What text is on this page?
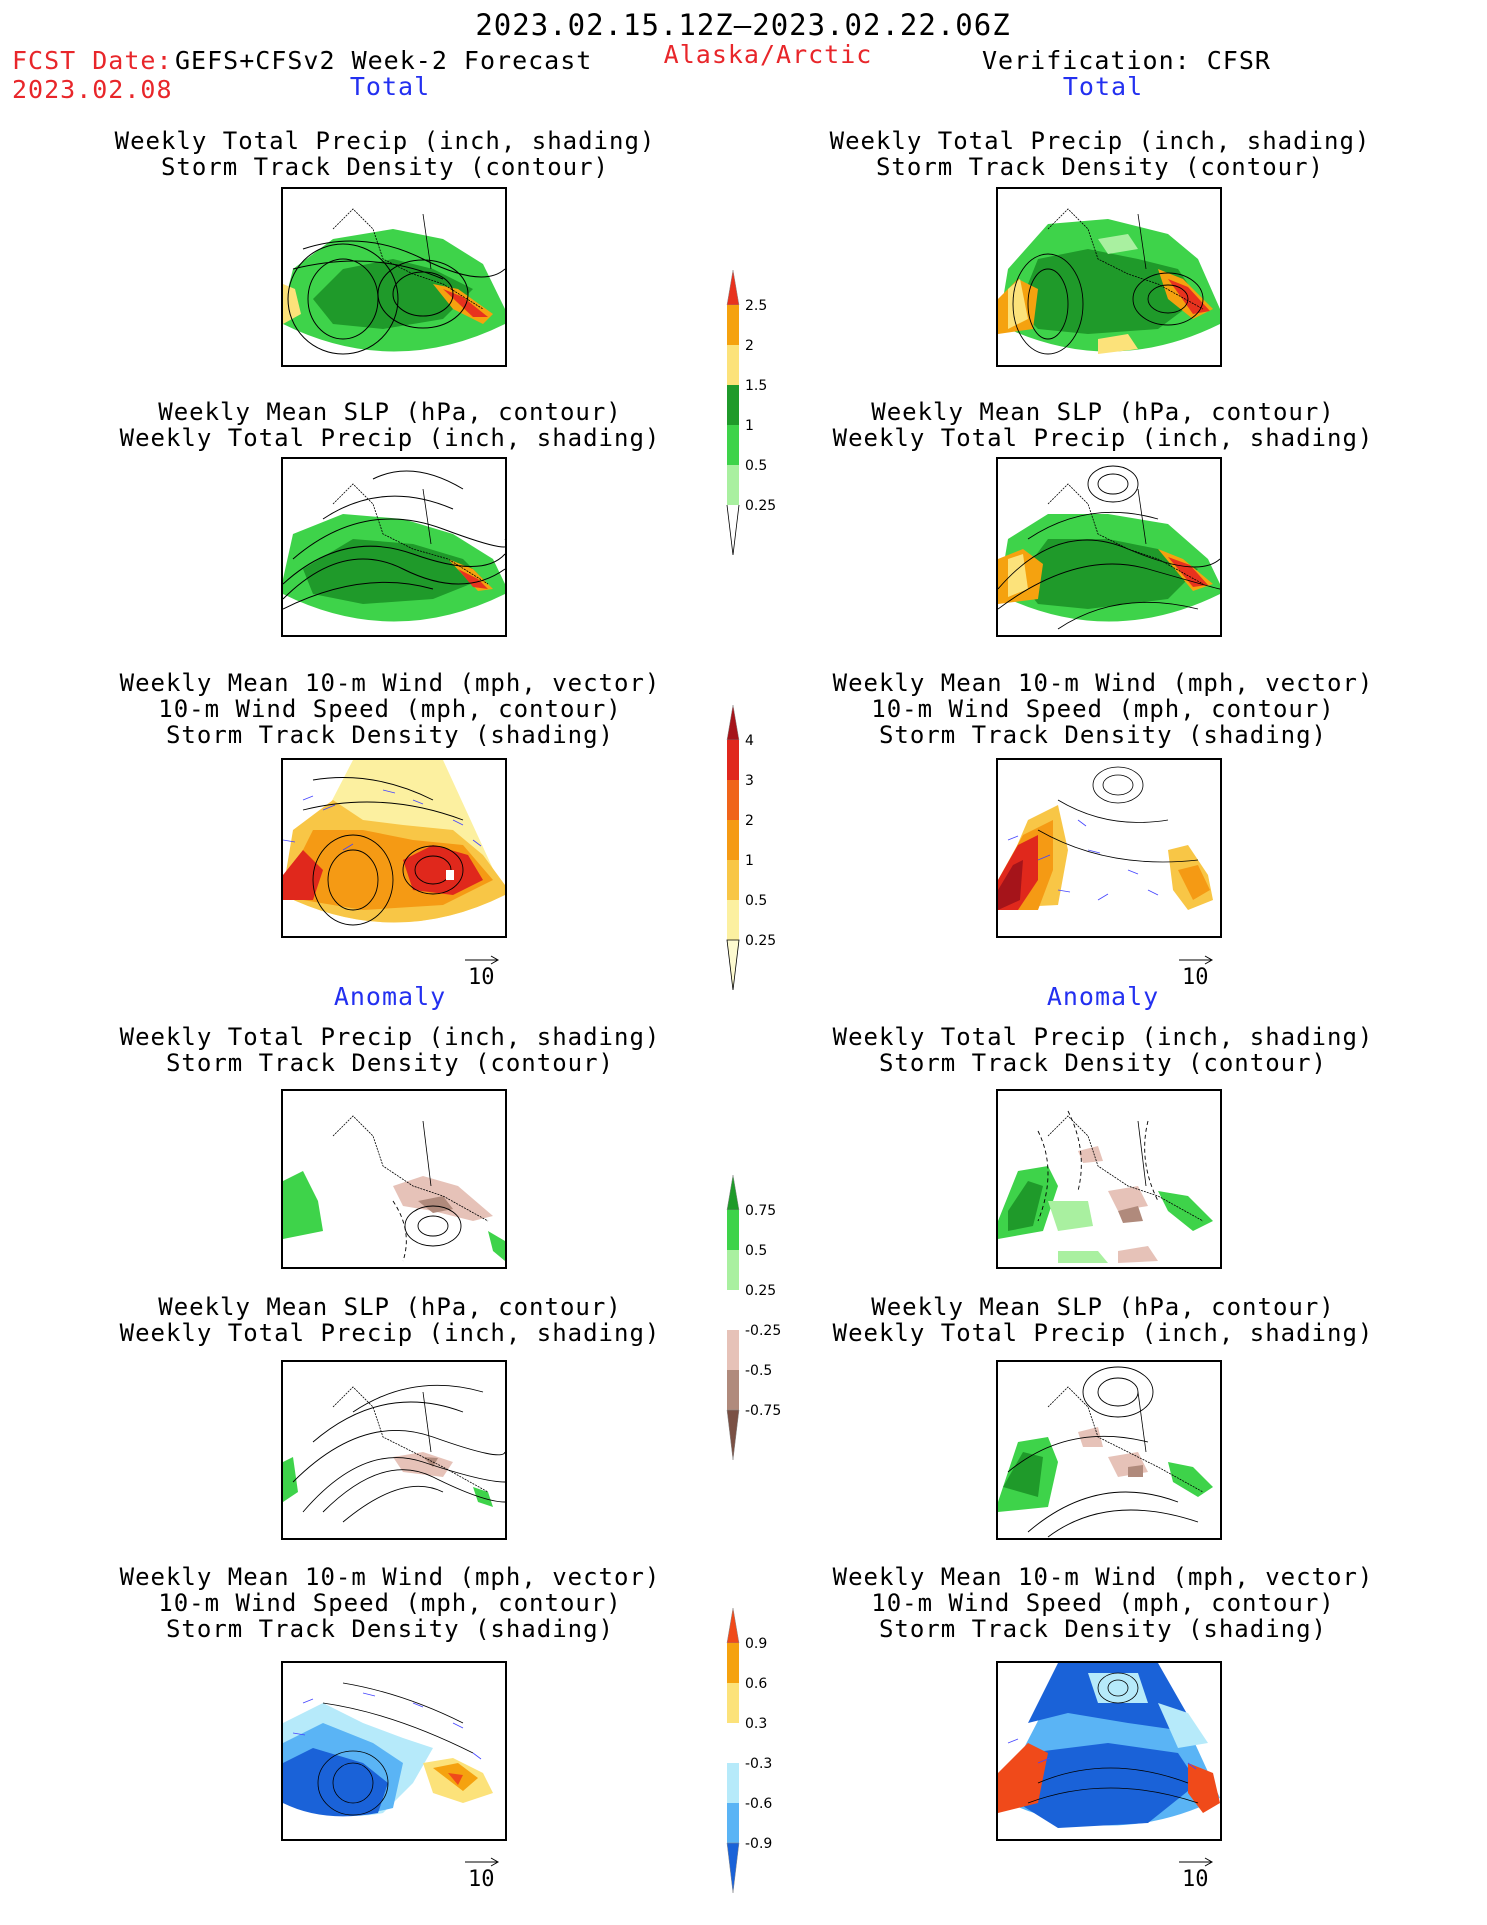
2023.02.15.12Z–2023.02.22.06Z
FCST Date: GEFS+CFSv2 Week-2 Forecast
2023.02.08
Alaska/Arctic	Verification: CFSR
Total	Total
Anomaly	Anomaly
Weekly Total Precip (inch, shading)
Storm Track Density (contour)
Weekly Mean SLP (hPa, contour)
Weekly Total Precip (inch, shading)
Weekly Mean 10-m Wind (mph, vector)
10-m Wind Speed (mph, contour)
Storm Track Density (shading)
Weekly Total Precip (inch, shading)
Storm Track Density (contour)
Weekly Mean SLP (hPa, contour)
Weekly Total Precip (inch, shading)
Weekly Mean 10-m Wind (mph, vector)
10-m Wind Speed (mph, contour)
Storm Track Density (shading)
Weekly Total Precip (inch, shading)
Storm Track Density (contour)
Weekly Mean SLP (hPa, contour)
Weekly Total Precip (inch, shading)
Weekly Mean 10-m Wind (mph, vector)
10-m Wind Speed (mph, contour)
Storm Track Density (shading)
Weekly Total Precip (inch, shading)
Storm Track Density (contour)
Weekly Mean SLP (hPa, contour)
Weekly Total Precip (inch, shading)
Weekly Mean 10-m Wind (mph, vector)
10-m Wind Speed (mph, contour)
Storm Track Density (shading)
10	10
10	10
2.5
2
1.5
1
0.5
0.25
4
3
2
1
0.5
0.25
0.75
0.5
0.25
-0.25
-0.5
-0.75
0.9
0.6
0.3
-0.3
-0.6
-0.9
